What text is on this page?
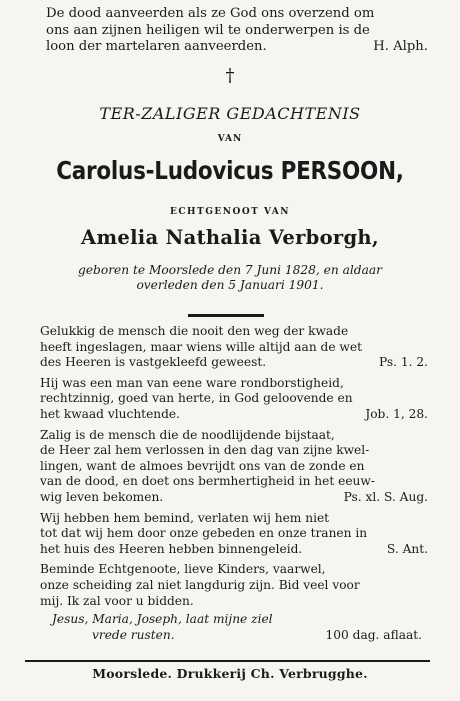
De dood aanveerden als ze God ons overzend om
ons aan zijnen heiligen wil te onderwerpen is de
loon der martelaren aanveerden.	H. Alph.
†
TER-ZALIGER GEDACHTENIS
VAN
Carolus-Ludovicus PERSOON,
ECHTGENOOT VAN
Amelia Nathalia Verborgh,
geboren te Moorslede den 7 Juni 1828, en aldaar
overleden den 5 Januari 1901.
Gelukkig de mensch die nooit den weg der kwade
heeft ingeslagen, maar wiens wille altijd aan de wet
des Heeren is vastgekleefd geweest.	Ps. 1. 2.
Hij was een man van eene ware rondborstigheid,
rechtzinnig, goed van herte, in God geloovende en
het kwaad vluchtende.	Job. 1, 28.
Zalig is de mensch die de noodlijdende bijstaat,
de Heer zal hem verlossen in den dag van zijne kwel-
lingen, want de almoes bevrijdt ons van de zonde en
van de dood, en doet ons bermhertigheid in het eeuw-
wig leven bekomen.	Ps. xl. S. Aug.
Wij hebben hem bemind, verlaten wij hem niet
tot dat wij hem door onze gebeden en onze tranen in
het huis des Heeren hebben binnengeleid.	S. Ant.
Beminde Echtgenoote, lieve Kinders, vaarwel,
onze scheiding zal niet langdurig zijn. Bid veel voor
mij. Ik zal voor u bidden.
Jesus, Maria, Joseph, laat mijne ziel
vrede rusten.	100 dag. aflaat.
Moorslede. Drukkerij Ch. Verbrugghe.
